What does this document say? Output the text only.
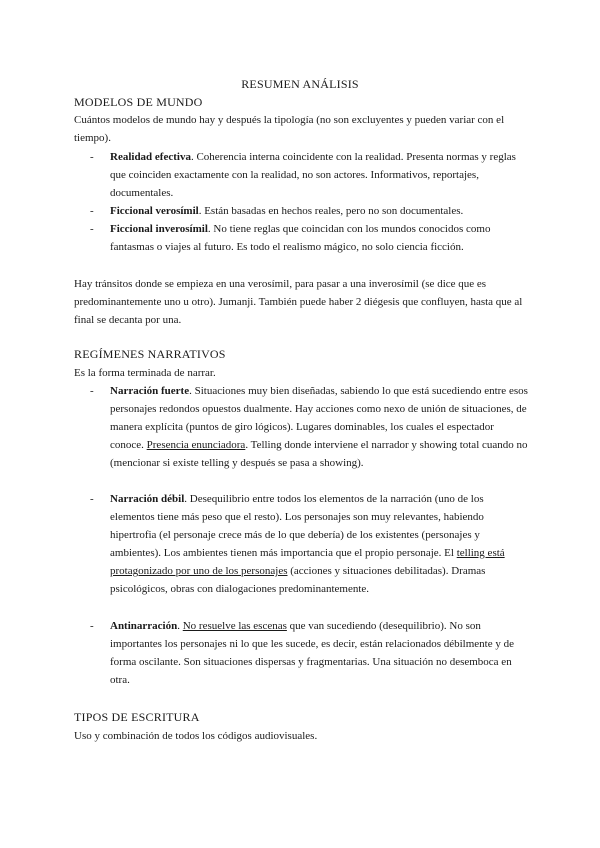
RESUMEN ANÁLISIS
MODELOS DE MUNDO
Cuántos modelos de mundo hay y después la tipología (no son excluyentes y pueden variar con el tiempo).
- Realidad efectiva. Coherencia interna coincidente con la realidad. Presenta normas y reglas que coinciden exactamente con la realidad, no son actores. Informativos, reportajes, documentales.
- Ficcional verosímil. Están basadas en hechos reales, pero no son documentales.
- Ficcional inverosímil. No tiene reglas que coincidan con los mundos conocidos como fantasmas o viajes al futuro. Es todo el realismo mágico, no solo ciencia ficción.
Hay tránsitos donde se empieza en una verosímil, para pasar a una inverosímil (se dice que es predominantemente uno u otro). Jumanji. También puede haber 2 diégesis que confluyen, hasta que al final se decanta por una.
REGÍMENES NARRATIVOS
Es la forma terminada de narrar.
- Narración fuerte. Situaciones muy bien diseñadas, sabiendo lo que está sucediendo entre esos personajes redondos opuestos dualmente. Hay acciones como nexo de unión de situaciones, de manera explícita (puntos de giro lógicos). Lugares dominables, los cuales el espectador conoce. Presencia enunciadora. Telling donde interviene el narrador y showing total cuando no (mencionar si existe telling y después se pasa a showing).
- Narración débil. Desequilibrio entre todos los elementos de la narración (uno de los elementos tiene más peso que el resto). Los personajes son muy relevantes, habiendo hipertrofia (el personaje crece más de lo que debería) de los existentes (personajes y ambientes). Los ambientes tienen más importancia que el propio personaje. El telling está protagonizado por uno de los personajes (acciones y situaciones debilitadas). Dramas psicológicos, obras con dialogaciones predominantemente.
- Antinarración. No resuelve las escenas que van sucediendo (desequilibrio). No son importantes los personajes ni lo que les sucede, es decir, están relacionados débilmente y de forma oscilante. Son situaciones dispersas y fragmentarias. Una situación no desemboca en otra.
TIPOS DE ESCRITURA
Uso y combinación de todos los códigos audiovisuales.
